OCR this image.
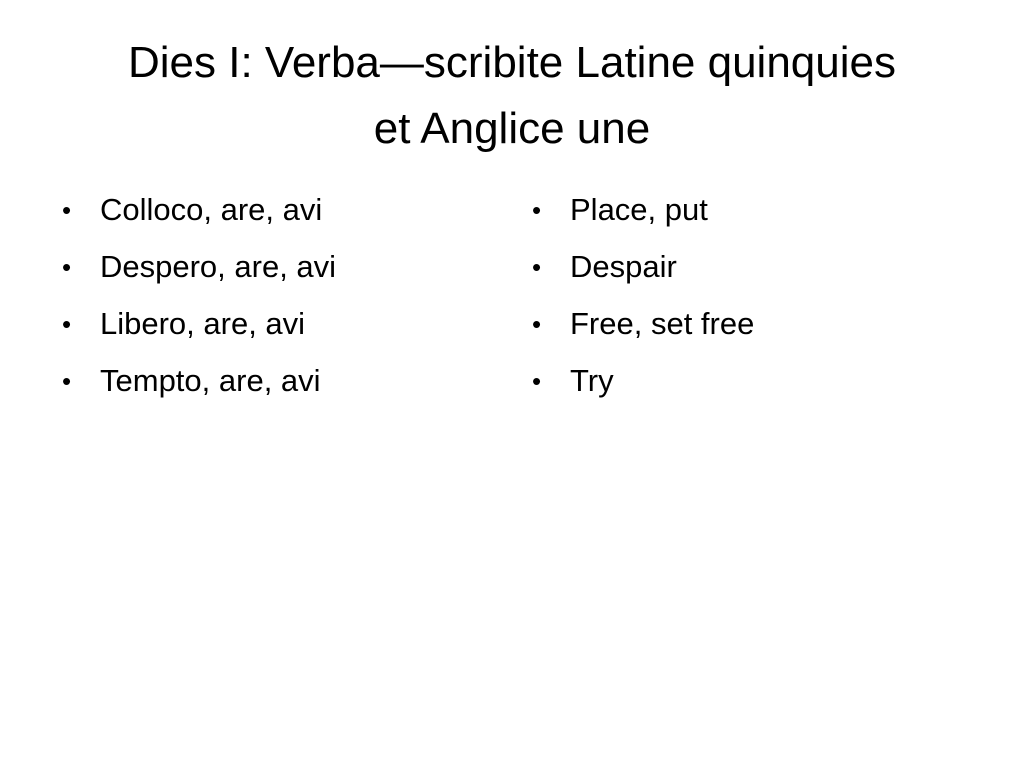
Dies I: Verba—scribite Latine quinquies
et Anglice une
• Colloco, are, avi
• Despero, are, avi
• Libero, are, avi
• Tempto, are, avi
• Place, put
• Despair
• Free, set free
• Try
